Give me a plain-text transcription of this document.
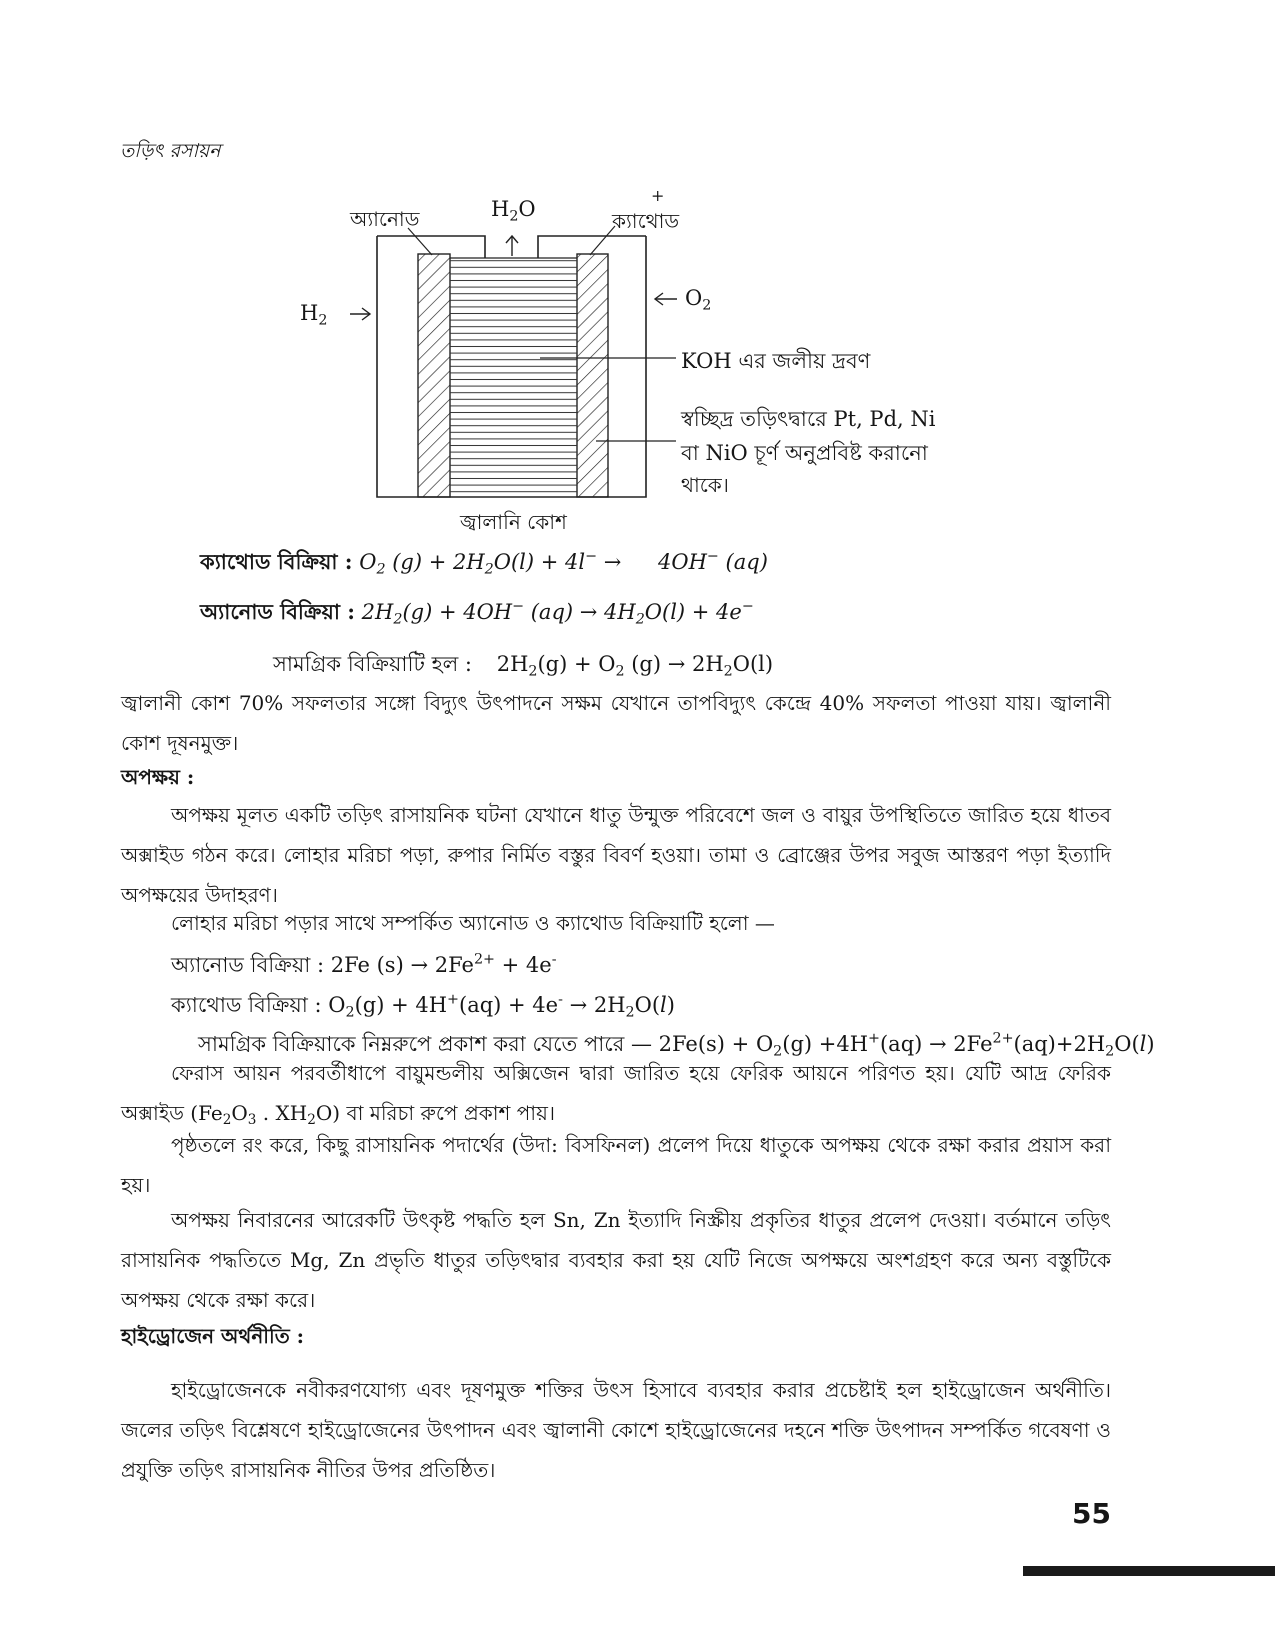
তড়িৎ রসায়ন
অ্যানোড	$H_2O$
+
ক্যাথোড
$H_2$
$O_2$
KOH এর জলীয় দ্রবণ
স্বচ্ছিদ্র তড়িৎদ্বারে Pt, Pd, Ni
বা NiO চূর্ণ অনুপ্রবিষ্ট করানো
থাকে।
জ্বালানি কোশ
ক্যাথোড বিক্রিয়া : $O_2$ $(g) + 2H_2O(l) + 4l^- \to 4OH^-$ (aq)
অ্যানোড বিক্রিয়া : $2H_2(g) + 4OH^-$ $(aq) \to 4H_2O(l) + 4e^-$
সামগ্রিক বিক্রিয়াটি হল : $2H_2(g) + O_2$ $(g) \to 2H_2O(l)$
জ্বালানী কোশ 70% সফলতার সঙ্গো বিদ্যুৎ উৎপাদনে সক্ষম যেখানে তাপবিদ্যুৎ কেন্দ্রে 40% সফলতা পাওয়া যায়। জ্বালানী কোশ দূষনমুক্ত।
অপক্ষয় :
অপক্ষয় মূলত একটি তড়িৎ রাসায়নিক ঘটনা যেখানে ধাতু উন্মুক্ত পরিবেশে জল ও বায়ুর উপস্থিতিতে জারিত হয়ে ধাতব অক্সাইড গঠন করে। লোহার মরিচা পড়া, রুপার নির্মিত বস্তুর বিবর্ণ হওয়া। তামা ও ব্রোঞ্জের উপর সবুজ আস্তরণ পড়া ইত্যাদি অপক্ষয়ের উদাহরণ।
লোহার মরিচা পড়ার সাথে সম্পর্কিত অ্যানোড ও ক্যাথোড বিক্রিয়াটি হলো —
অ্যানোড বিক্রিয়া : 2Fe $(s) \to 2Fe^{2+} + 4e^-$
ক্যাথোড বিক্রিয়া : $O_2(g) + 4H^+(aq) + 4e^- \to 2H_2O(l)$
সামগ্রিক বিক্রিয়াকে নিম্নরুপে প্রকাশ করা যেতে পারে — $2Fe(s) + O_2(g) +4H^+(aq) \to 2Fe^{2+}(aq)+2H_2O(l)$
ফেরাস আয়ন পরবর্তীধাপে বায়ুমন্ডলীয় অক্সিজেন দ্বারা জারিত হয়ে ফেরিক আয়নে পরিণত হয়। যেটি আদ্র ফেরিক অক্সাইড ($Fe_2O_3$ . $XH_2O$) বা মরিচা রুপে প্রকাশ পায়।
পৃষ্ঠতলে রং করে, কিছু রাসায়নিক পদার্থের (উদা: বিসফিনল) প্রলেপ দিয়ে ধাতুকে অপক্ষয় থেকে রক্ষা করার প্রয়াস করা হয়।
অপক্ষয় নিবারনের আরেকটি উৎকৃষ্ট পদ্ধতি হল Sn, Zn ইত্যাদি নিস্ক্রীয় প্রকৃতির ধাতুর প্রলেপ দেওয়া। বর্তমানে তড়িৎ রাসায়নিক পদ্ধতিতে Mg, Zn প্রভৃতি ধাতুর তড়িৎদ্বার ব্যবহার করা হয় যেটি নিজে অপক্ষয়ে অংশগ্রহণ করে অন্য বস্তুটিকে অপক্ষয় থেকে রক্ষা করে।
হাইড্রোজেন অর্থনীতি :
হাইড্রোজেনকে নবীকরণযোগ্য এবং দূষণমুক্ত শক্তির উৎস হিসাবে ব্যবহার করার প্রচেষ্টাই হল হাইড্রোজেন অর্থনীতি। জলের তড়িৎ বিশ্লেষণে হাইড্রোজেনের উৎপাদন এবং জ্বালানী কোশে হাইড্রোজেনের দহনে শক্তি উৎপাদন সম্পর্কিত গবেষণা ও প্রযুক্তি তড়িৎ রাসায়নিক নীতির উপর প্রতিষ্ঠিত।
55
